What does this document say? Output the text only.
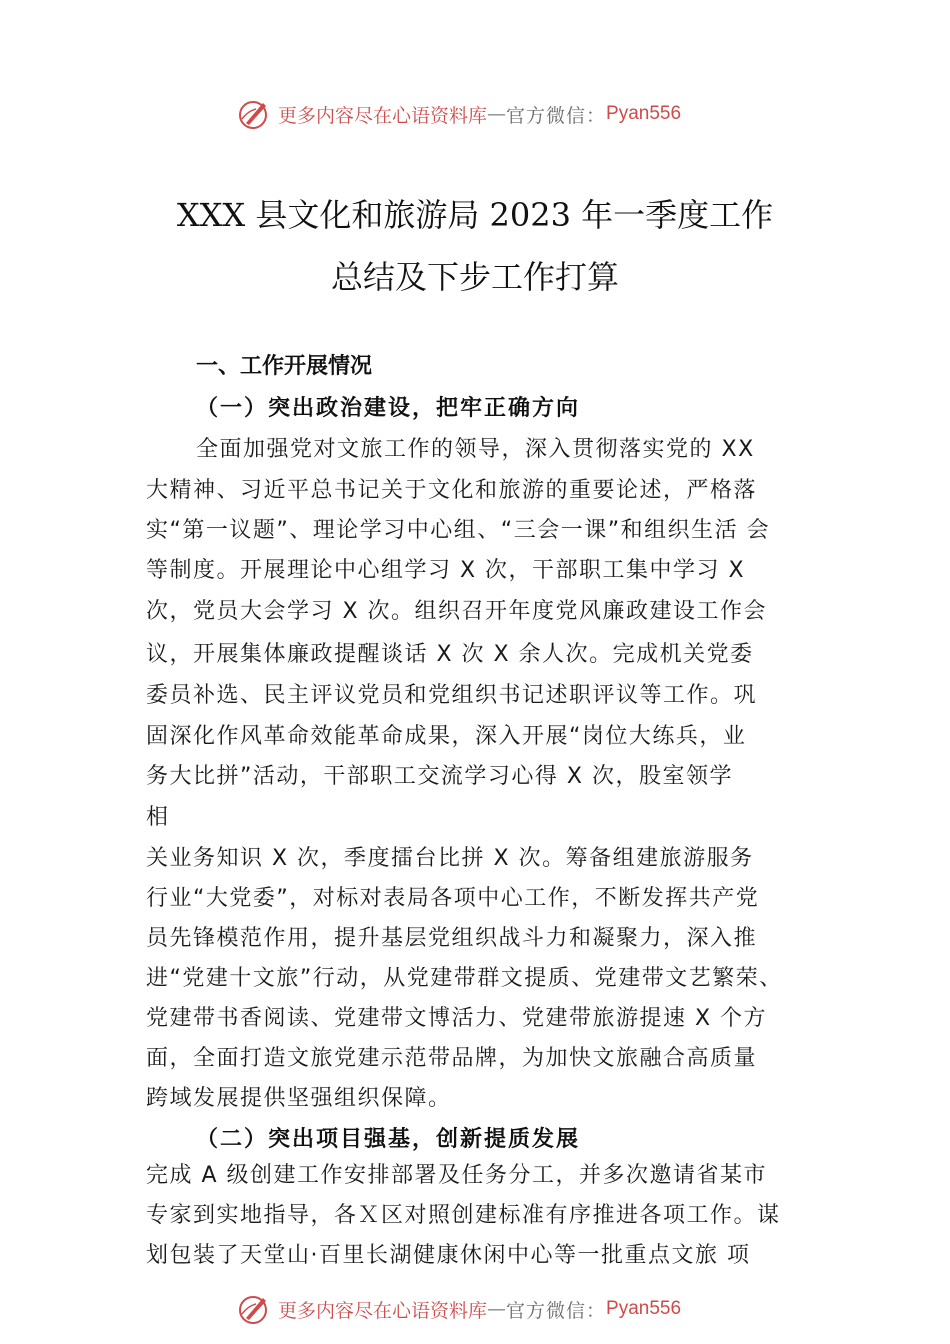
更多内容尽在心语资料库 — 官方微信： Pyan556
XXX 县文化和旅游局 2023 年一季度工作
总结及下步工作打算
一、工作开展情况
（一）突出政治建设，把牢正确方向
全面加强党对文旅工作的领导，深入贯彻落实党的 XX
大精神、习近平总书记关于文化和旅游的重要论述，严格落
实“第一议题”、理论学习中心组、“三会一课”和组织生活 会
等制度。开展理论中心组学习 X 次，干部职工集中学习 X
次，党员大会学习 X 次。组织召开年度党风廉政建设工作会
议，开展集体廉政提醒谈话 X 次 X 余人次。完成机关党委
委员补选、民主评议党员和党组织书记述职评议等工作。巩
固深化作风革命效能革命成果，深入开展“岗位大练兵，业
务大比拼”活动，干部职工交流学习心得 X 次，股室领学
相
关业务知识 X 次，季度擂台比拼 X 次。筹备组建旅游服务
行业“大党委”，对标对表局各项中心工作，不断发挥共产党
员先锋模范作用，提升基层党组织战斗力和凝聚力，深入推
进“党建十文旅”行动，从党建带群文提质、党建带文艺繁荣、
党建带书香阅读、党建带文博活力、党建带旅游提速 X 个方
面，全面打造文旅党建示范带品牌，为加快文旅融合高质量
跨域发展提供坚强组织保障。
（二）突出项目强基，创新提质发展
完成 A 级创建工作安排部署及任务分工，并多次邀请省某市
专家到实地指导，各Ｘ区对照创建标准有序推进各项工作。谋
划包装了天堂山·百里长湖健康休闲中心等一批重点文旅 项
更多内容尽在心语资料库 — 官方微信： Pyan556
